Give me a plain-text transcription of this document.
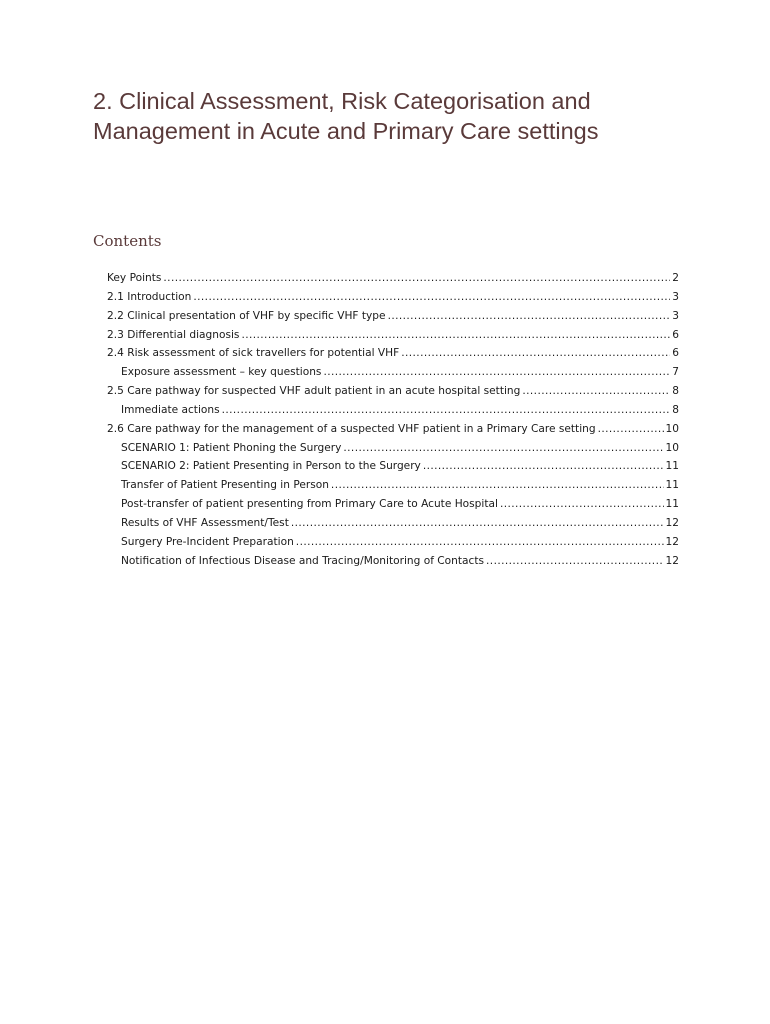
2. Clinical Assessment, Risk Categorisation and
Management in Acute and Primary Care settings
Contents
Key Points .....	2
2.1 Introduction .....	3
2.2 Clinical presentation of VHF by specific VHF type .....	3
2.3 Differential diagnosis .....	6
2.4 Risk assessment of sick travellers for potential VHF .....	6
Exposure assessment – key questions .....	7
2.5 Care pathway for suspected VHF adult patient in an acute hospital setting .....	8
Immediate actions .....	8
2.6 Care pathway for the management of a suspected VHF patient in a Primary Care setting .....	10
SCENARIO 1: Patient Phoning the Surgery .....	10
SCENARIO 2: Patient Presenting in Person to the Surgery .....	11
Transfer of Patient Presenting in Person .....	11
Post-transfer of patient presenting from Primary Care to Acute Hospital .....	11
Results of VHF Assessment/Test .....	12
Surgery Pre-Incident Preparation .....	12
Notification of Infectious Disease and Tracing/Monitoring of Contacts .....	12
